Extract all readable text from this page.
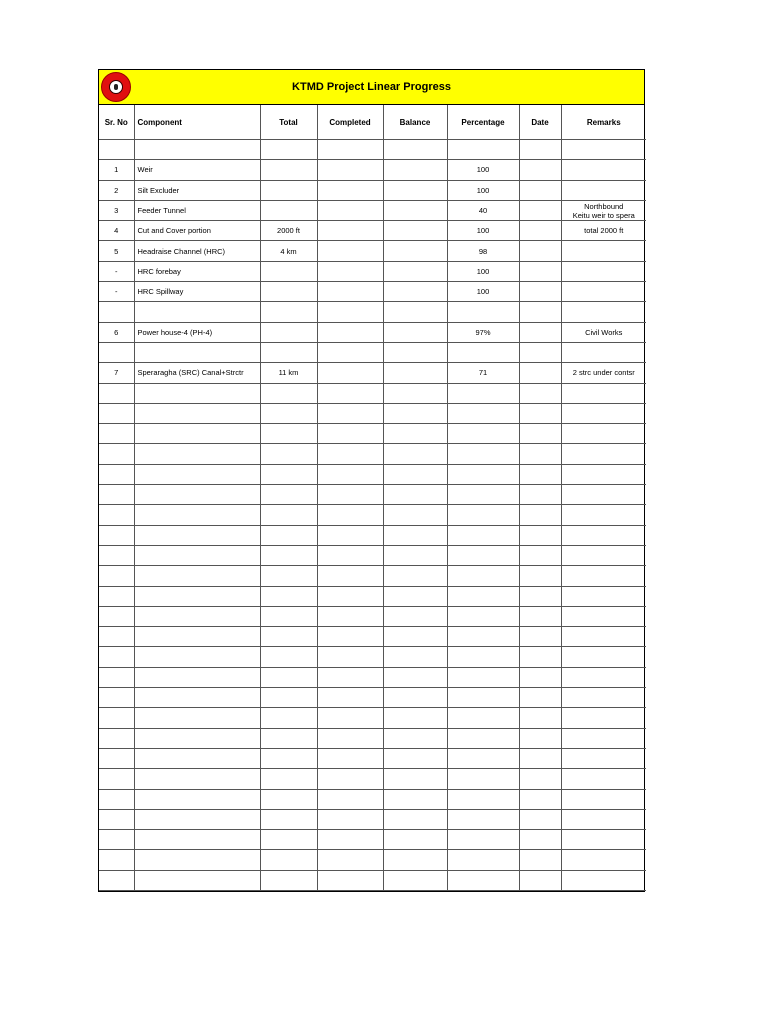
KTMD Project Linear Progress
Sr. No	Component	Total	Completed	Balance	Percentage	Date	Remarks

1	Weir				100		
2	Silt Excluder				100		
3	Feeder Tunnel				40		Northbound
Keitu weir to spera

4	Cut and Cover portion	2000 ft			100		total 2000 ft
5	Headraise Channel (HRC)	4 km			98		
-	HRC forebay				100		
-	HRC Spillway				100		

6	Power house-4 (PH-4)				97%		Civil Works

7	Speraragha (SRC) Canal+Strctr	11 km			71		2 strc under contsr
